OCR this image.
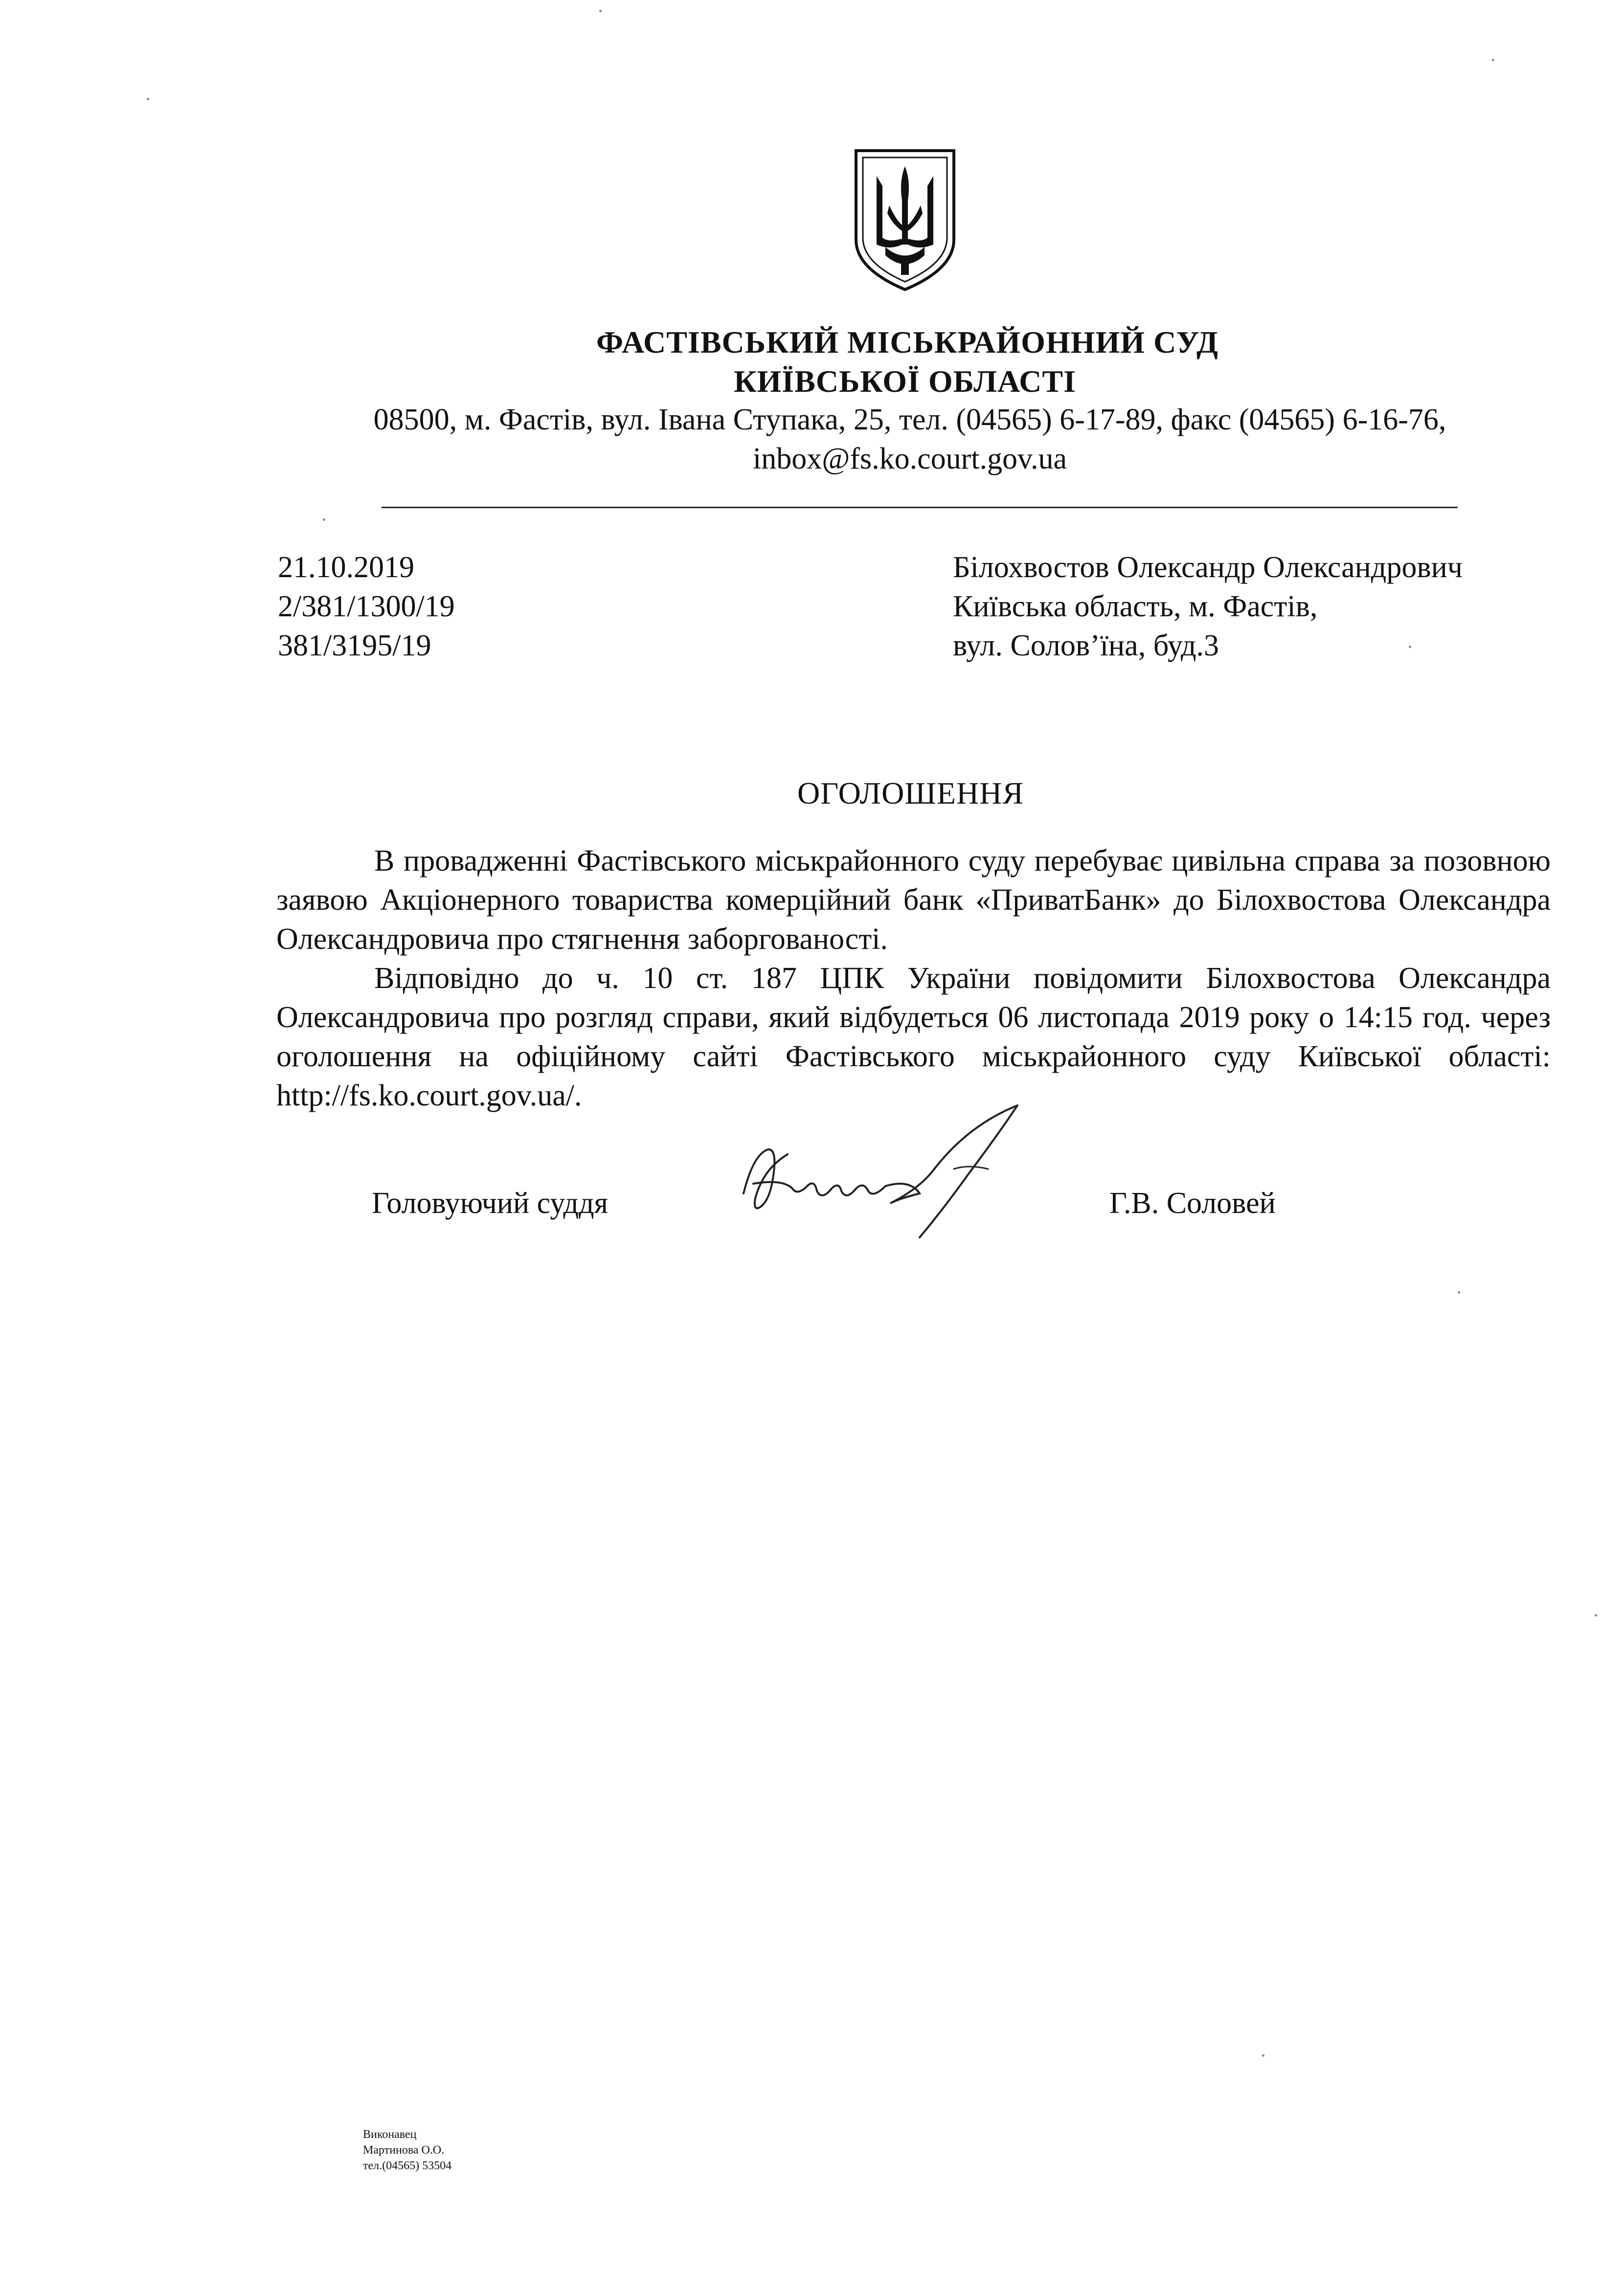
ФАСТІВСЬКИЙ МІСЬКРАЙОННИЙ СУД
КИЇВСЬКОЇ ОБЛАСТІ
08500, м. Фастів, вул. Івана Ступака, 25, тел. (04565) 6-17-89, факс (04565) 6-16-76,
inbox@fs.ko.court.gov.ua
21.10.2019
2/381/1300/19
381/3195/19
Білохвостов Олександр Олександрович
Київська область, м. Фастів,
вул. Солов’їна, буд.3
ОГОЛОШЕННЯ

В провадженні Фастівського міськрайонного суду перебуває цивільна справа за позовною заявою Акціонерного товариства комерційний банк «ПриватБанк» до Білохвостова Олександра Олександровича про стягнення заборгованості.

Відповідно до ч. 10 ст. 187 ЦПК України повідомити Білохвостова Олександра Олександровича про розгляд справи, який відбудеться 06 листопада 2019 року о 14:15 год. через оголошення на офіційному сайті Фастівського міськрайонного суду Київської області: http://fs.ko.court.gov.ua/.

Головуючий суддя	Г.В. Соловей
Виконавец
Мартинова О.О.
тел.(04565) 53504
